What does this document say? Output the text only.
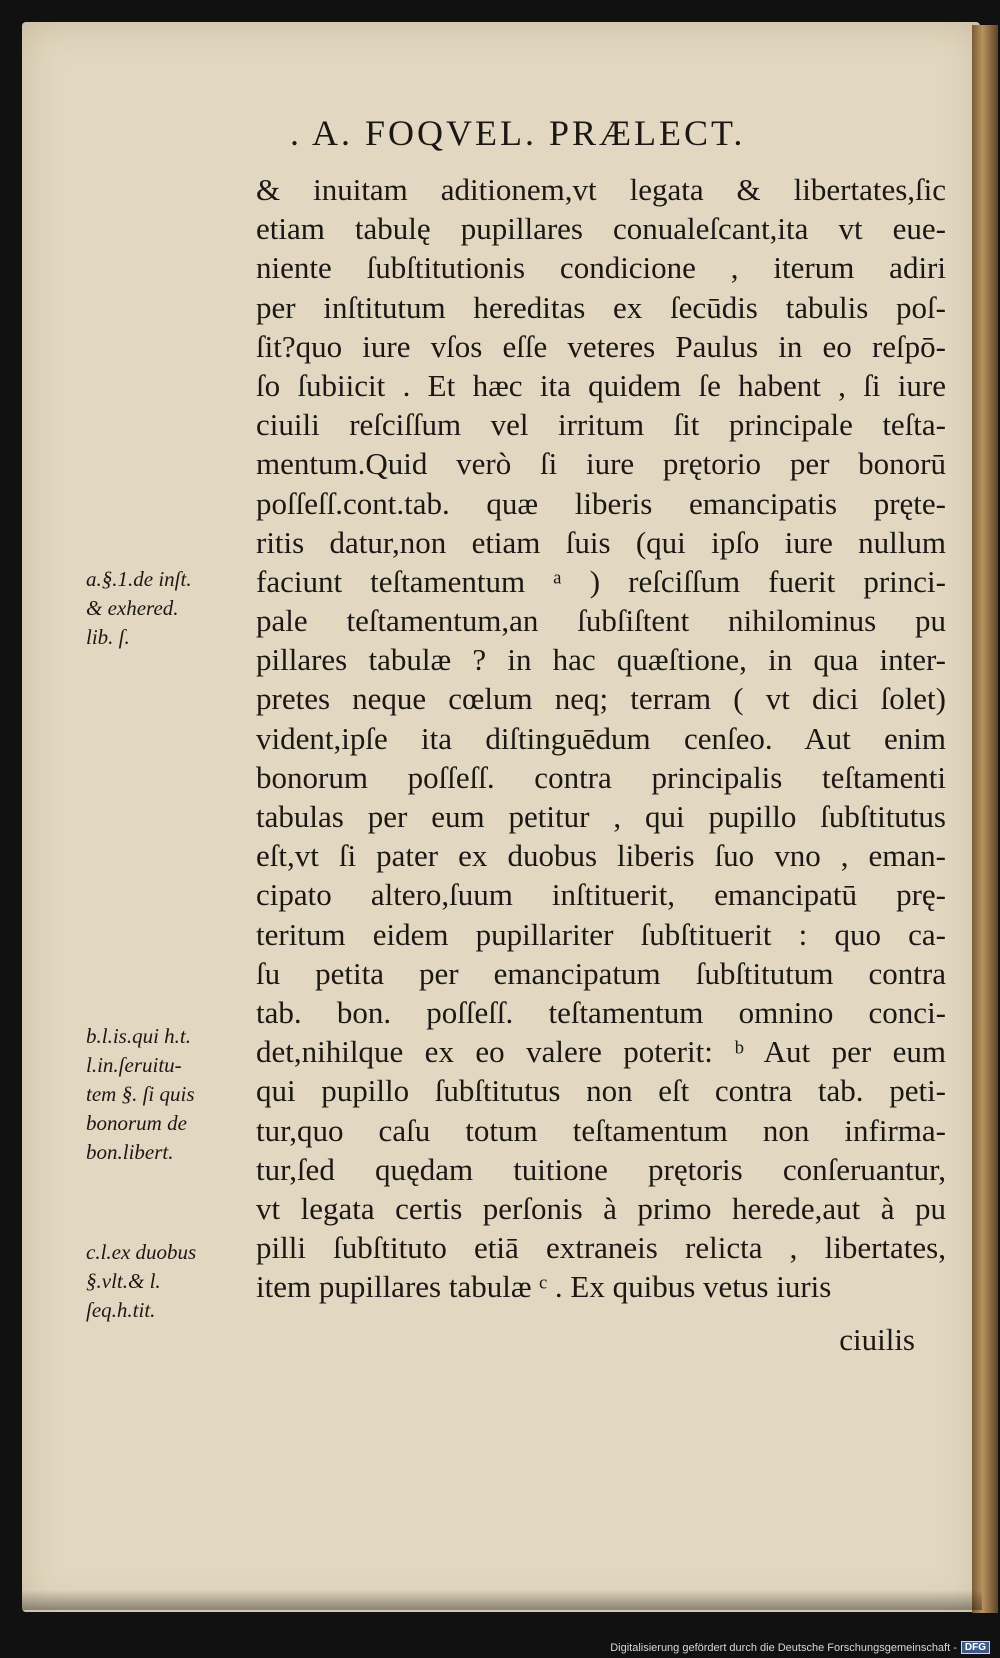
. A. FOQVEL. PRÆLECT.
& inuitam aditionem,vt legata & libertates,ſic
etiam tabulę pupillares conualeſcant,ita vt eue-
niente ſubſtitutionis condicione , iterum adiri
per inſtitutum hereditas ex ſecūdis tabulis poſ-
ſit?quo iure vſos eſſe veteres Paulus in eo reſpō-
ſo ſubiicit . Et hæc ita quidem ſe habent , ſi iure
ciuili reſciſſum vel irritum ſit principale teſta-
mentum.Quid verò ſi iure prętorio per bonorū
poſſeſſ.cont.tab. quæ liberis emancipatis pręte-
ritis datur,non etiam ſuis (qui ipſo iure nullum
faciunt teſtamentum ᵃ ) reſciſſum fuerit princi-
pale teſtamentum,an ſubſiſtent nihilominus pu
pillares tabulæ ? in hac quæſtione, in qua inter-
pretes neque cœlum neq; terram ( vt dici ſolet)
vident,ipſe ita diſtinguēdum cenſeo. Aut enim
bonorum poſſeſſ. contra principalis teſtamenti
tabulas per eum petitur , qui pupillo ſubſtitutus
eſt,vt ſi pater ex duobus liberis ſuo vno , eman-
cipato altero,ſuum inſtituerit, emancipatū prę-
teritum eidem pupillariter ſubſtituerit : quo ca-
ſu petita per emancipatum ſubſtitutum contra
tab. bon. poſſeſſ. teſtamentum omnino conci-
det,nihilque ex eo valere poterit: ᵇ Aut per eum
qui pupillo ſubſtitutus non eſt contra tab. peti-
tur,quo caſu totum teſtamentum non infirma-
tur,ſed quędam tuitione prętoris conſeruantur,
vt legata certis perſonis à primo herede,aut à pu
pilli ſubſtituto etiā extraneis relicta , libertates,
item pupillares tabulæ ᶜ . Ex quibus vetus iuris
ciuilis
a.§.1.de inſt.
& exhered.
lib. ſ.
b.l.is.qui h.t.
l.in.ſeruitu-
tem §. ſi quis
bonorum de
bon.libert.
c.l.ex duobus
§.vlt.& l.
ſeq.h.tit.
Digitalisierung gefördert durch die Deutsche Forschungsgemeinschaft - DFG
